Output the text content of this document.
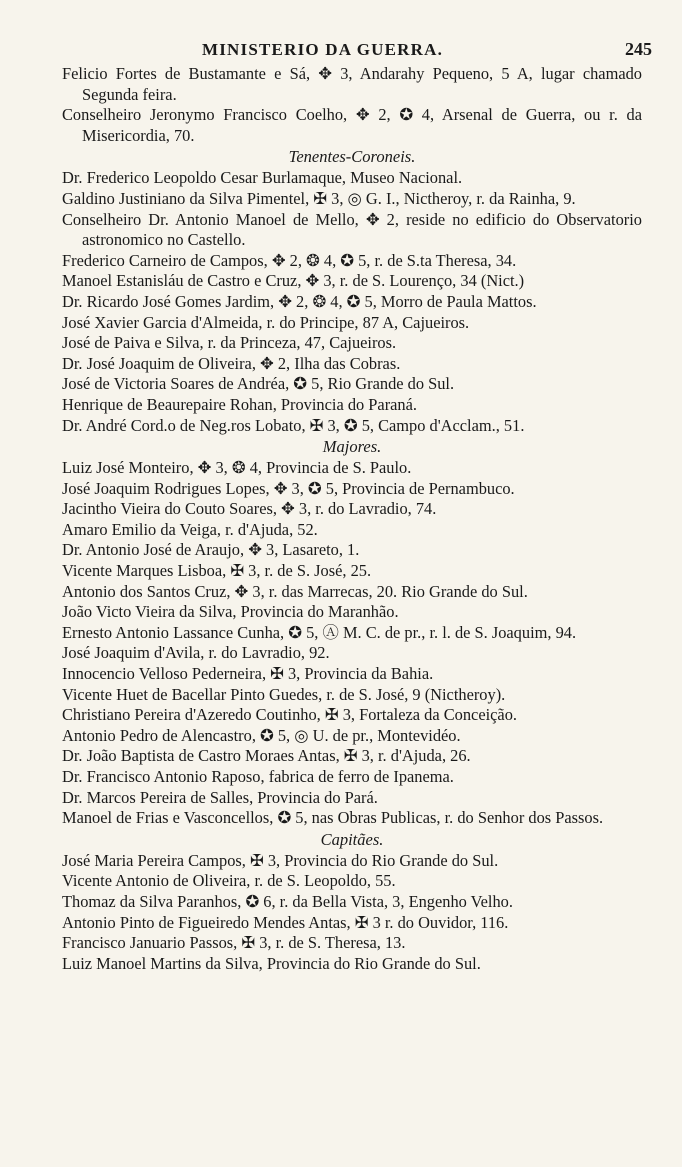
MINISTERIO DA GUERRA.	245
Felicio Fortes de Bustamante e Sá, ✥ 3, Andarahy Pequeno, 5 A, lugar chamado Segunda feira.
Conselheiro Jeronymo Francisco Coelho, ✥ 2, ✪ 4, Arsenal de Guerra, ou r. da Misericordia, 70.
Tenentes-Coroneis.
Dr. Frederico Leopoldo Cesar Burlamaque, Museo Nacional.
Galdino Justiniano da Silva Pimentel, ✠ 3, ◎ G. I., Nictheroy, r. da Rainha, 9.
Conselheiro Dr. Antonio Manoel de Mello, ✥ 2, reside no edificio do Observatorio astronomico no Castello.
Frederico Carneiro de Campos, ✥ 2, ❂ 4, ✪ 5, r. de S.ta Theresa, 34.
Manoel Estanisláu de Castro e Cruz, ✥ 3, r. de S. Lourenço, 34 (Nict.)
Dr. Ricardo José Gomes Jardim, ✥ 2, ❂ 4, ✪ 5, Morro de Paula Mattos.
José Xavier Garcia d'Almeida, r. do Principe, 87 A, Cajueiros.
José de Paiva e Silva, r. da Princeza, 47, Cajueiros.
Dr. José Joaquim de Oliveira, ✥ 2, Ilha das Cobras.
José de Victoria Soares de Andréa, ✪ 5, Rio Grande do Sul.
Henrique de Beaurepaire Rohan, Provincia do Paraná.
Dr. André Cord.o de Neg.ros Lobato, ✠ 3, ✪ 5, Campo d'Acclam., 51.
Majores.
Luiz José Monteiro, ✥ 3, ❂ 4, Provincia de S. Paulo.
José Joaquim Rodrigues Lopes, ✥ 3, ✪ 5, Provincia de Pernambuco.
Jacintho Vieira do Couto Soares, ✥ 3, r. do Lavradio, 74.
Amaro Emilio da Veiga, r. d'Ajuda, 52.
Dr. Antonio José de Araujo, ✥ 3, Lasareto, 1.
Vicente Marques Lisboa, ✠ 3, r. de S. José, 25.
Antonio dos Santos Cruz, ✥ 3, r. das Marrecas, 20. Rio Grande do Sul.
João Victo Vieira da Silva, Provincia do Maranhão.
Ernesto Antonio Lassance Cunha, ✪ 5, Ⓐ M. C. de pr., r. l. de S. Joaquim, 94.
José Joaquim d'Avila, r. do Lavradio, 92.
Innocencio Velloso Pederneira, ✠ 3, Provincia da Bahia.
Vicente Huet de Bacellar Pinto Guedes, r. de S. José, 9 (Nictheroy).
Christiano Pereira d'Azeredo Coutinho, ✠ 3, Fortaleza da Conceição.
Antonio Pedro de Alencastro, ✪ 5, ◎ U. de pr., Montevidéo.
Dr. João Baptista de Castro Moraes Antas, ✠ 3, r. d'Ajuda, 26.
Dr. Francisco Antonio Raposo, fabrica de ferro de Ipanema.
Dr. Marcos Pereira de Salles, Provincia do Pará.
Manoel de Frias e Vasconcellos, ✪ 5, nas Obras Publicas, r. do Senhor dos Passos.
Capitães.
José Maria Pereira Campos, ✠ 3, Provincia do Rio Grande do Sul.
Vicente Antonio de Oliveira, r. de S. Leopoldo, 55.
Thomaz da Silva Paranhos, ✪ 6, r. da Bella Vista, 3, Engenho Velho.
Antonio Pinto de Figueiredo Mendes Antas, ✠ 3 r. do Ouvidor, 116.
Francisco Januario Passos, ✠ 3, r. de S. Theresa, 13.
Luiz Manoel Martins da Silva, Provincia do Rio Grande do Sul.
